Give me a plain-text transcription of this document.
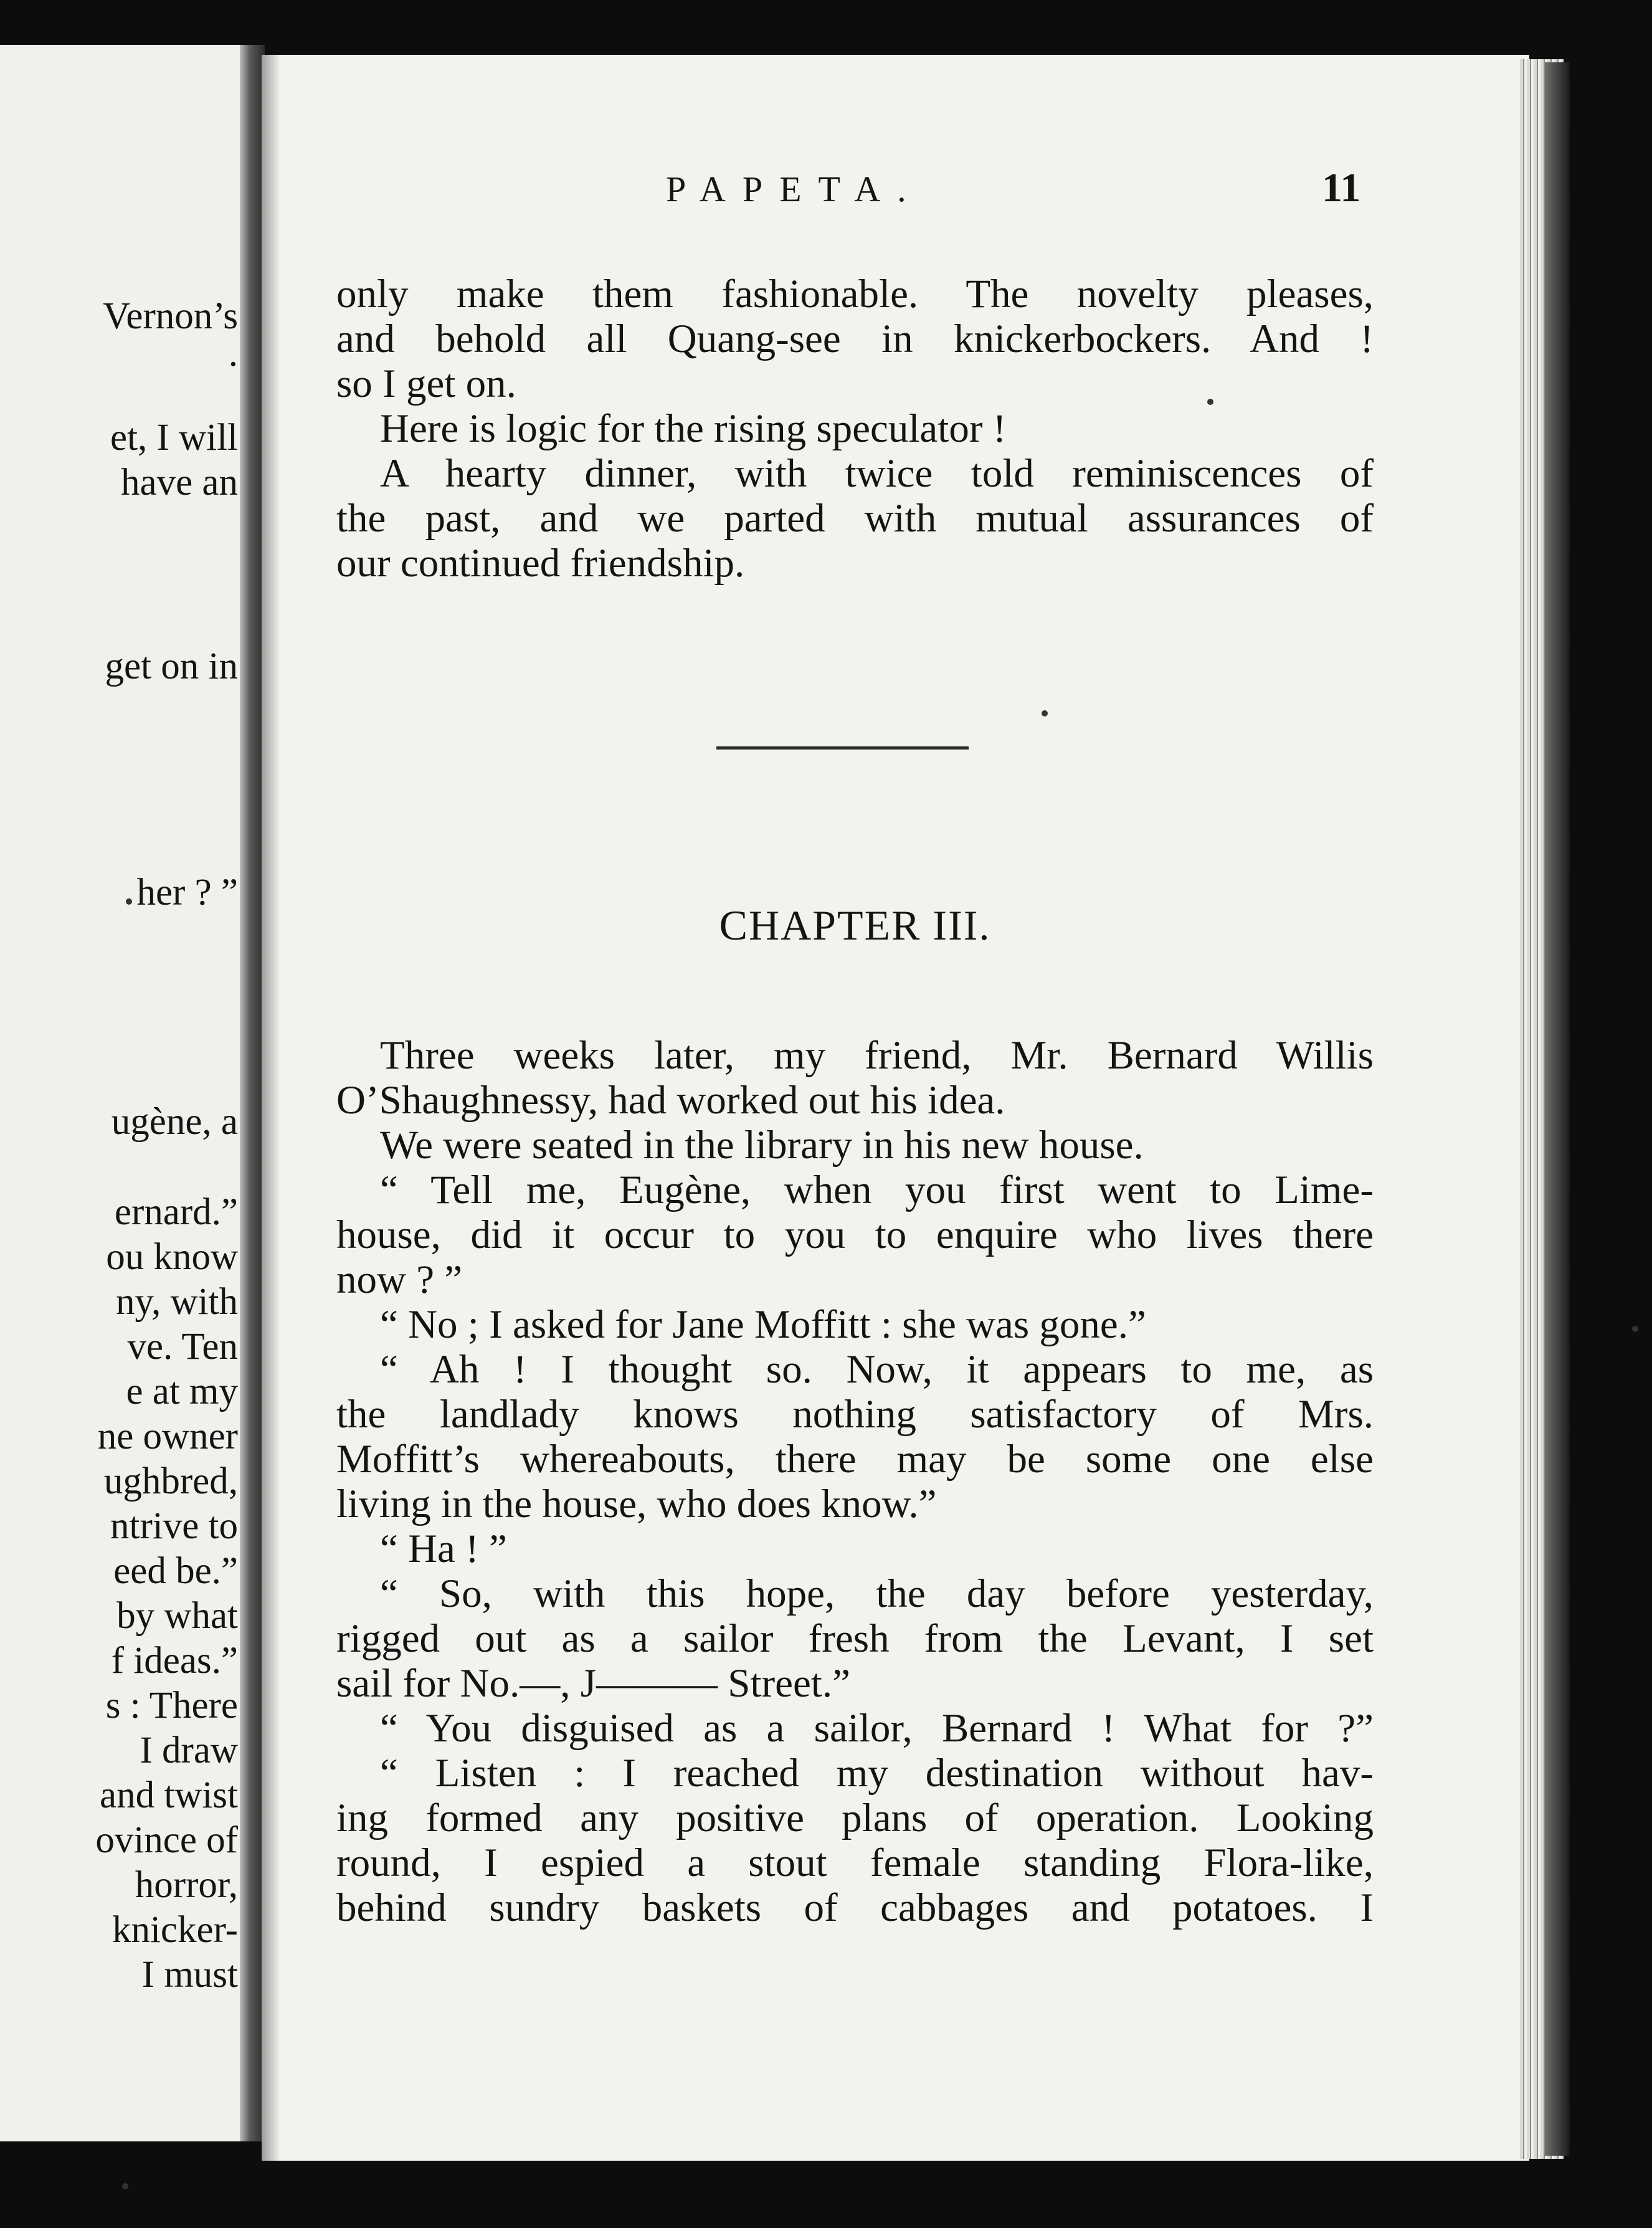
Vernon’s
.
et, I will
have an
get on in
her ? ”
ugène, a
ernard.”
ou know
ny, with
ve. Ten
e at my
ne owner
ughbred,
ntrive to
eed be.”
by what
f ideas.”
s : There
I draw
and twist
ovince of
horror,
knicker-
I must
PAPETA.	11
only make them fashionable. The novelty pleases,
and behold all Quang-see in knickerbockers. And !
so I get on.
Here is logic for the rising speculator !
A hearty dinner, with twice told reminiscences of
the past, and we parted with mutual assurances of
our continued friendship.
CHAPTER III.
Three weeks later, my friend, Mr. Bernard Willis
O’Shaughnessy, had worked out his idea.
We were seated in the library in his new house.
“ Tell me, Eugène, when you first went to Lime-
house, did it occur to you to enquire who lives there
now ? ”
“ No ; I asked for Jane Moffitt : she was gone.”
“ Ah ! I thought so. Now, it appears to me, as
the landlady knows nothing satisfactory of Mrs.
Moffitt’s whereabouts, there may be some one else
living in the house, who does know.”
“ Ha ! ”
“ So, with this hope, the day before yesterday,
rigged out as a sailor fresh from the Levant, I set
sail for No.—, J——— Street.”
“ You disguised as a sailor, Bernard ! What for ?”
“ Listen : I reached my destination without hav-
ing formed any positive plans of operation. Looking
round, I espied a stout female standing Flora-like,
behind sundry baskets of cabbages and potatoes. I
